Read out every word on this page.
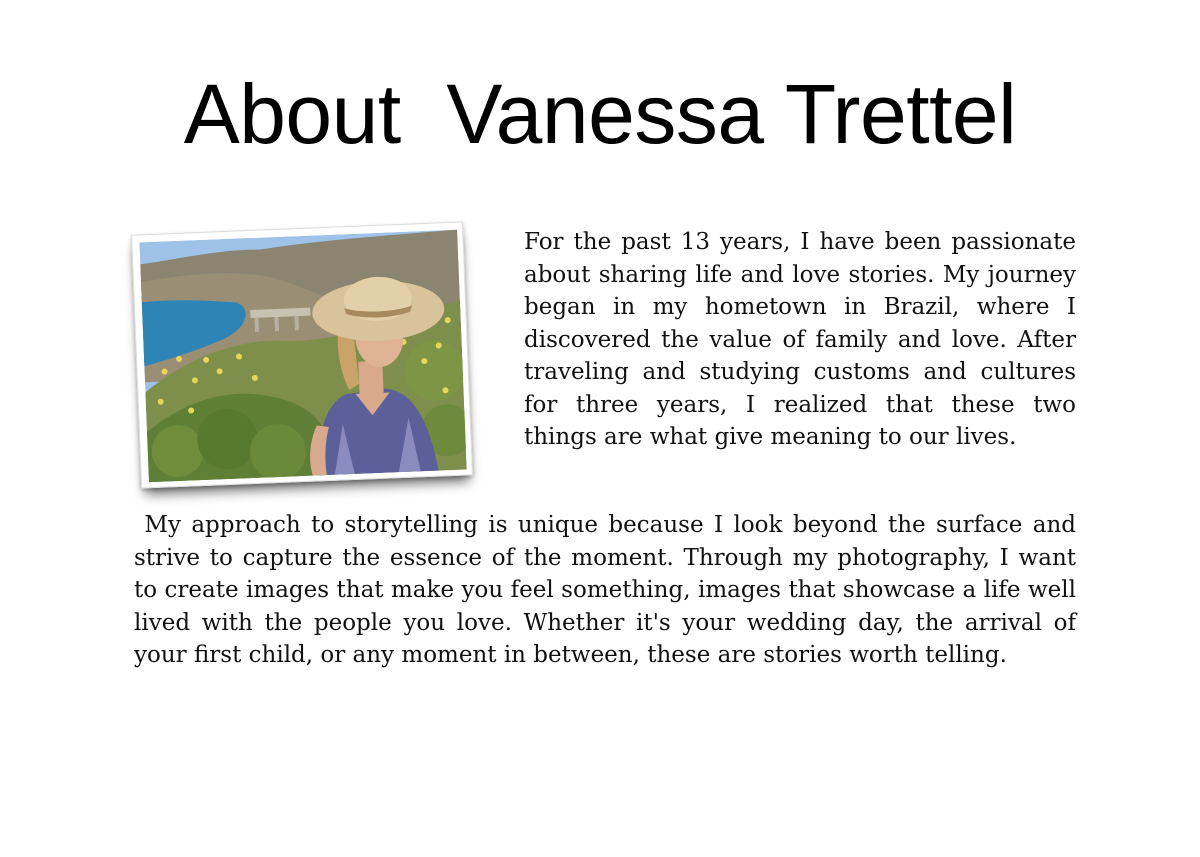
About  Vanessa Trettel

For the past 13 years, I have been passionate about sharing life and love stories. My journey began in my hometown in Brazil, where I discovered the value of family and love. After traveling and studying customs and cultures for three years, I realized that these two things are what give meaning to our lives.

My approach to storytelling is unique because I look beyond the surface and strive to capture the essence of the moment. Through my photography, I want to create images that make you feel something, images that showcase a life well lived with the people you love. Whether it's your wedding day, the arrival of your first child, or any moment in between, these are stories worth telling.
